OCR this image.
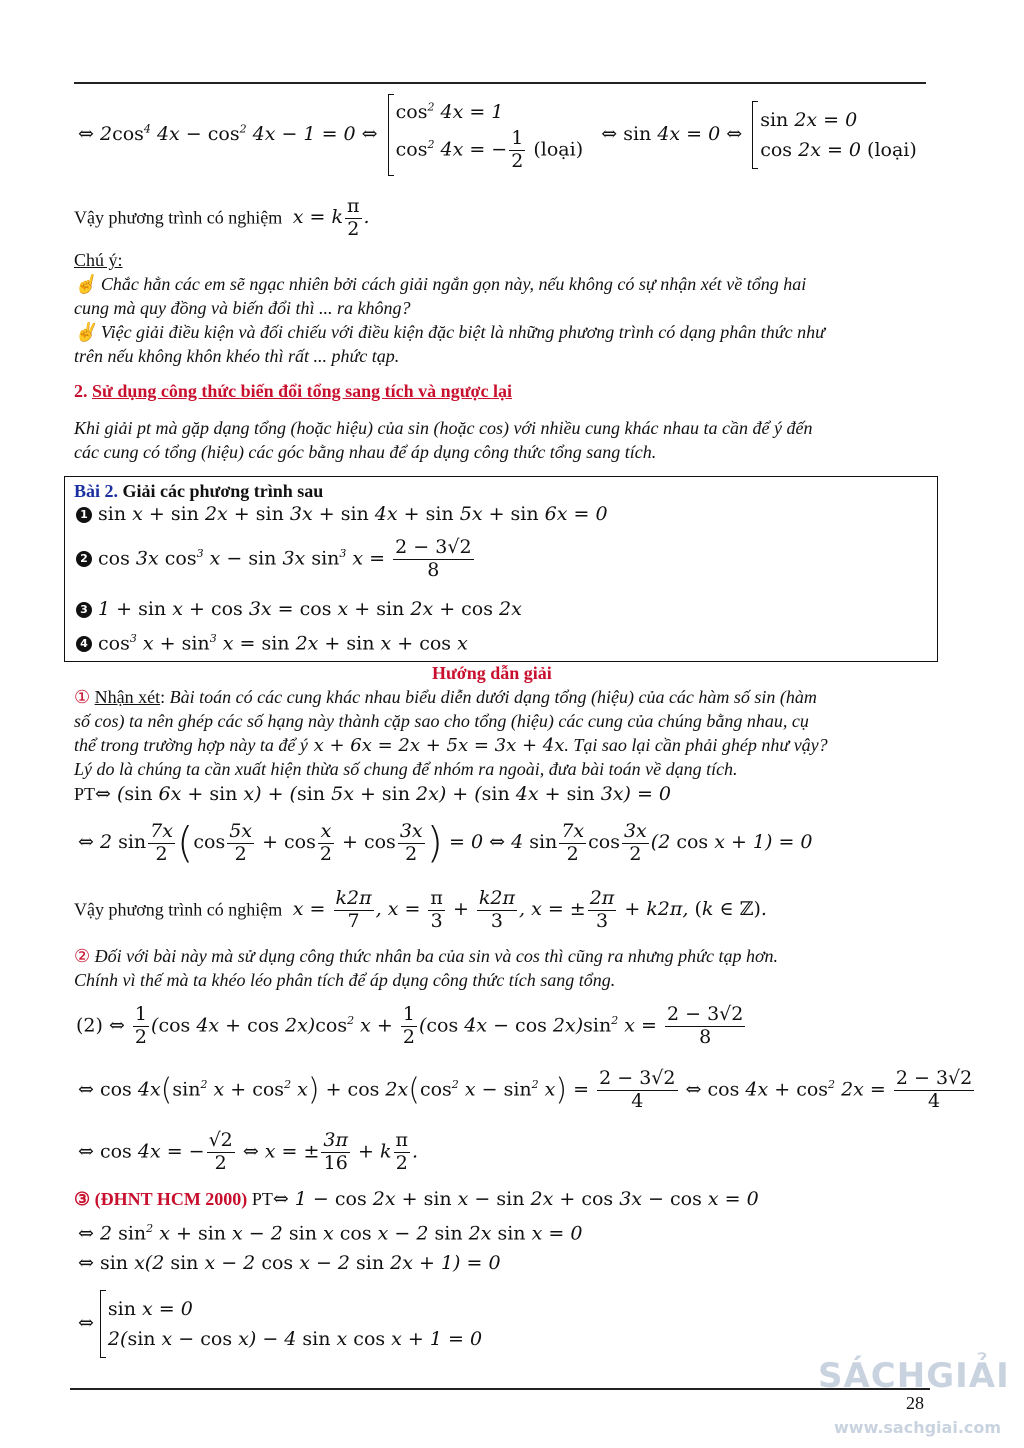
⇔ $2\cos^4$ $4x - \cos^2 4x - 1 = 0$ ⇔ $\cos^2 4x = 1$
$\cos^2 4x$ = − $\frac{1}{2}$ (loại)   ⇔ sin 4x = 0 ⇔ sin 2x = 0
cos 2x = 0 (loại)
Vậy phương trình có nghiệm  x = k $\frac{\pi}{2}$ .
Chú ý:
☝ Chắc hẳn các em sẽ ngạc nhiên bởi cách giải ngắn gọn này, nếu không có sự nhận xét về tổng hai
cung mà quy đồng và biến đổi thì ... ra không?
✌ Việc giải điều kiện và đối chiếu với điều kiện đặc biệt là những phương trình có dạng phân thức như
trên nếu không khôn khéo thì rất ... phức tạp.
2. Sử dụng công thức biến đổi tổng sang tích và ngược lại
Khi giải pt mà gặp dạng tổng (hoặc hiệu) của sin (hoặc cos) với nhiều cung khác nhau ta cần để ý đến
các cung có tổng (hiệu) các góc bằng nhau để áp dụng công thức tổng sang tích.
Bài 2. Giải các phương trình sau
1 sin x + sin 2x + sin 3x + sin 4x + sin 5x + sin 6x = 0
2 cos 3x $\cos^3 x - \sin 3x$ $\sin^3 x = \frac{2 - 3√2}{8}$
3 1 + sin x + cos 3x = cos x + sin 2x + cos 2x
4 $\cos^3 x + \sin^3 x = \sin 2x + \sin x + \cos x$
Hướng dẫn giải
① Nhận xét: Bài toán có các cung khác nhau biểu diễn dưới dạng tổng (hiệu) của các hàm số sin (hàm
số cos) ta nên ghép các số hạng này thành cặp sao cho tổng (hiệu) các cung của chúng bằng nhau, cụ
thể trong trường hợp này ta để ý x + 6x = 2x + 5x = 3x + 4x. Tại sao lại cần phải ghép như vậy?
Lý do là chúng ta cần xuất hiện thừa số chung để nhóm ra ngoài, đưa bài toán về dạng tích.
PT⇔ (sin 6x + sin x) + (sin 5x + sin 2x) + (sin 4x + sin 3x) = 0
⇔ 2 $\sin \frac{7x}{2} (\cos \frac{5x}{2} + \cos \frac{x}{2} + \cos \frac{3x}{2}$ ) = 0 ⇔ 4 $\sin \frac{7x}{2}$ $\cos \frac{3x}{2} (2$ cos x + 1) = 0
Vậy phương trình có nghiệm  $x = \frac{k2\pi}{7}$ , $x = \frac{\pi}{3} + \frac{k2\pi}{3}$ , x = ± $\frac{2\pi}{3} + k2\pi$, (k ∈ ℤ).
② Đối với bài này mà sử dụng công thức nhân ba của sin và cos thì cũng ra nhưng phức tạp hơn.
Chính vì thế mà ta khéo léo phân tích để áp dụng công thức tích sang tổng.
(2) ⇔ $\frac{1}{2} (\cos$ $4x + \cos 2x)\cos^2$ $x + \frac{1}{2} (\cos$ $4x - \cos 2x)\sin^2$ $x = \frac{2 - 3√2}{8}$
⇔ $\cos 4x(\sin^2$ $x + \cos^2 x) + \cos 2x(\cos^2$ $x - \sin^2 x) = \frac{2 - 3√2}{4}$ ⇔ $\cos 4x + \cos^2 2x = \frac{2 - 3√2}{4}$
⇔ cos 4x = − $\frac{√2}{2}$ ⇔ x = ± $\frac{3\pi}{16} + k \frac{\pi}{2}$ .
③ (ĐHNT HCM 2000) PT⇔ 1 − cos 2x + sin x − sin 2x + cos 3x − cos x = 0
⇔ 2 $\sin^2 x + \sin x - 2$ sin x cos x − 2 sin 2x sin x = 0
⇔ sin x(2 sin x − 2 cos x − 2 sin 2x + 1) = 0
⇔sin x = 0
2(sin x − cos x) − 4 sin x cos x + 1 = 0
28
SÁCHGIẢI
www.sachgiai.com
